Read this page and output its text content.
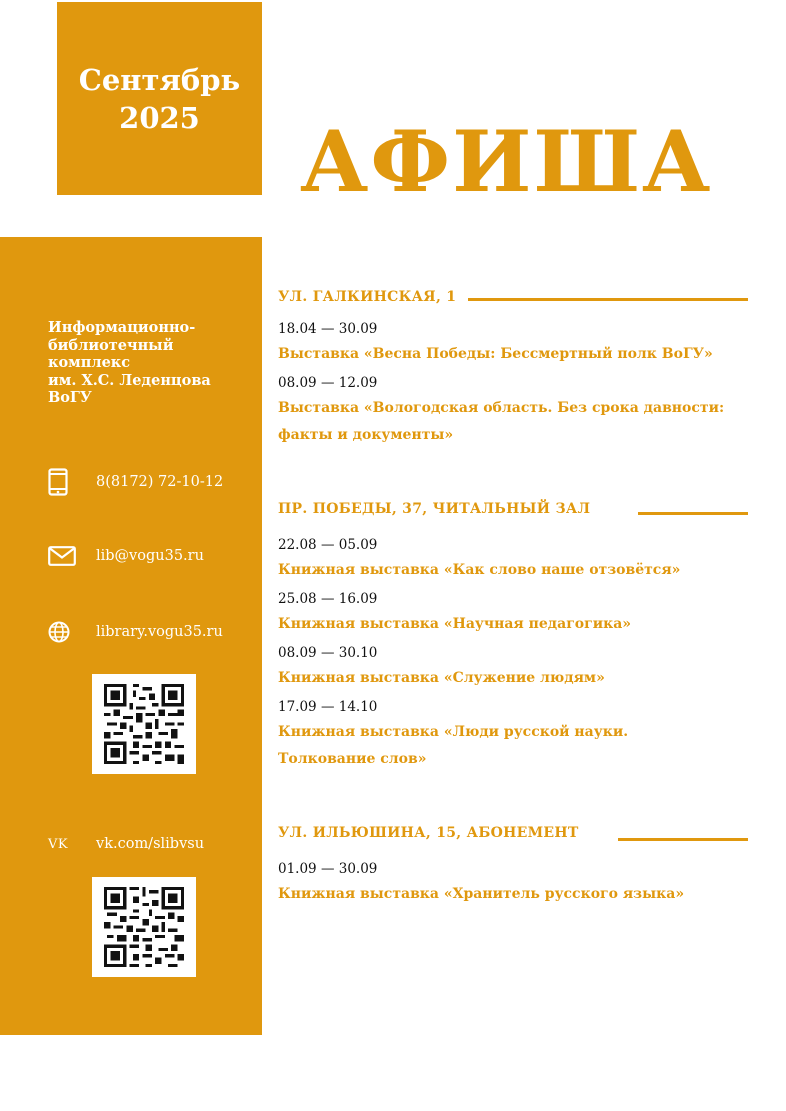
Сентябрь
2025 АФИША
Информационно-
библиотечный
комплекс
им. Х.С. Леденцова
ВоГУ
8(8172) 72-10-12
lib@vogu35.ru
library.vogu35.ru
VK	vk.com/slibvsu
УЛ. ГАЛКИНСКАЯ, 1
18.04 — 30.09
Выставка «Весна Победы: Бессмертный полк ВоГУ»
08.09 — 12.09
Выставка «Вологодская область. Без срока давности: факты и документы»
ПР. ПОБЕДЫ, 37, ЧИТАЛЬНЫЙ ЗАЛ
22.08 — 05.09
Книжная выставка «Как слово наше отзовётся»
25.08 — 16.09
Книжная выставка «Научная педагогика»
08.09 — 30.10
Книжная выставка «Служение людям»
17.09 — 14.10
Книжная выставка «Люди русской науки. Толкование слов»
УЛ. ИЛЬЮШИНА, 15, АБОНЕМЕНТ
01.09 — 30.09
Книжная выставка «Хранитель русского языка»
